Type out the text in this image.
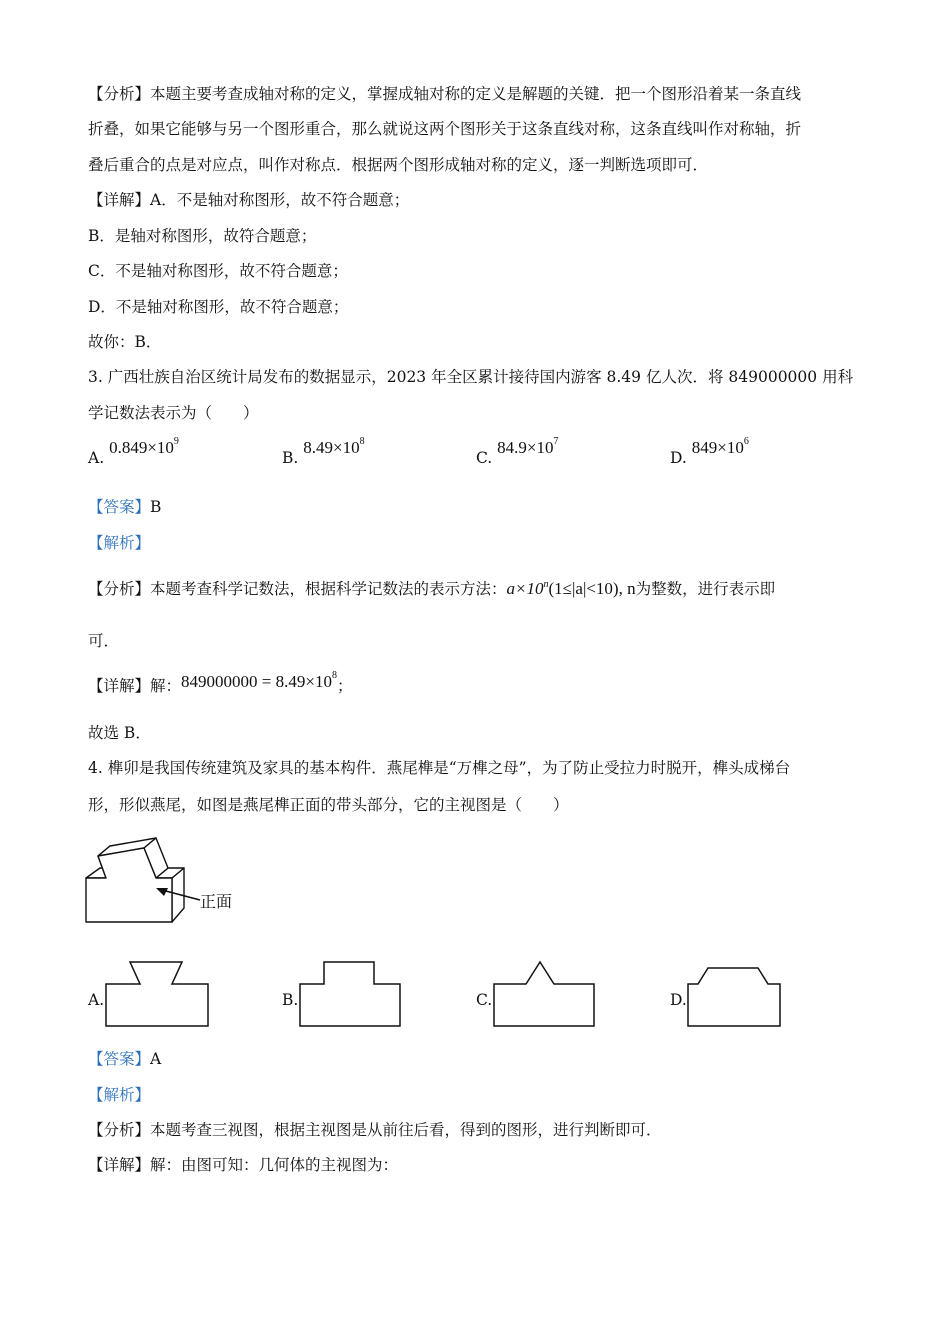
【分析】本题主要考查成轴对称的定义，掌握成轴对称的定义是解题的关键．把一个图形沿着某一条直线
折叠，如果它能够与另一个图形重合，那么就说这两个图形关于这条直线对称，这条直线叫作对称轴，折
叠后重合的点是对应点，叫作对称点．根据两个图形成轴对称的定义，逐一判断选项即可．
【详解】A．不是轴对称图形，故不符合题意；
B．是轴对称图形，故符合题意；
C．不是轴对称图形，故不符合题意；
D．不是轴对称图形，故不符合题意；
故你：B．
3. 广西壮族自治区统计局发布的数据显示，2023 年全区累计接待国内游客 8.49 亿人次．将 849000000 用科
学记数法表示为（　　）
A. $0.849\times 10^9$
B. $8.49\times 10^8$
C. $84.9\times 10^7$
D. $849\times 10^6$
【答案】B
【解析】
【分析】本题考查科学记数法，根据科学记数法的表示方法：$a\times 10^n(1\le|a|<10)$, n为整数，进行表示即
可．
【详解】解：$849000000 = 8.49\times 10^8$；
故选 B．
4. 榫卯是我国传统建筑及家具的基本构件．燕尾榫是“万榫之母”，为了防止受拉力时脱开，榫头成梯台
形，形似燕尾，如图是燕尾榫正面的带头部分，它的主视图是（　　）
正面
A.	B.	C.	D.
【答案】A
【解析】
【分析】本题考查三视图，根据主视图是从前往后看，得到的图形，进行判断即可．
【详解】解：由图可知：几何体的主视图为：
